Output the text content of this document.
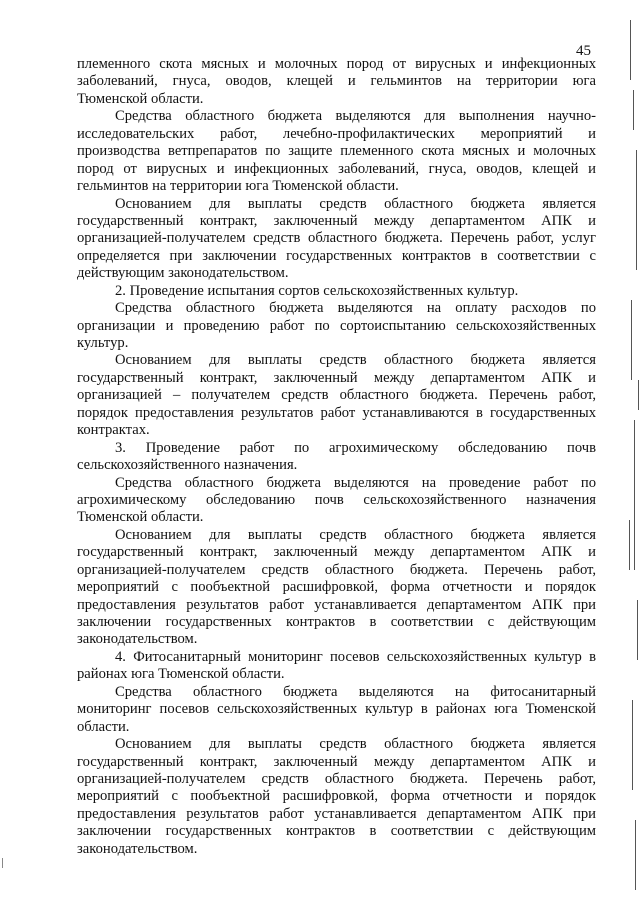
45
племенного скота мясных и молочных пород от вирусных и инфекционных
заболеваний, гнуса, оводов, клещей и гельминтов на территории юга
Тюменской области.
Средства областного бюджета выделяются для выполнения научно-
исследовательских работ, лечебно-профилактических мероприятий и
производства ветпрепаратов по защите племенного скота мясных и молочных
пород от вирусных и инфекционных заболеваний, гнуса, оводов, клещей и
гельминтов на территории юга Тюменской области.
Основанием для выплаты средств областного бюджета является
государственный контракт, заключенный между департаментом АПК и
организацией-получателем средств областного бюджета. Перечень работ, услуг
определяется при заключении государственных контрактов в соответствии с
действующим законодательством.
2. Проведение испытания сортов сельскохозяйственных культур.
Средства областного бюджета выделяются на оплату расходов по
организации и проведению работ по сортоиспытанию сельскохозяйственных
культур.
Основанием для выплаты средств областного бюджета является
государственный контракт, заключенный между департаментом АПК и
организацией – получателем средств областного бюджета. Перечень работ,
порядок предоставления результатов работ устанавливаются в государственных
контрактах.
3. Проведение работ по агрохимическому обследованию почв
сельскохозяйственного назначения.
Средства областного бюджета выделяются на проведение работ по
агрохимическому обследованию почв сельскохозяйственного назначения
Тюменской области.
Основанием для выплаты средств областного бюджета является
государственный контракт, заключенный между департаментом АПК и
организацией-получателем средств областного бюджета. Перечень работ,
мероприятий с пообъектной расшифровкой, форма отчетности и порядок
предоставления результатов работ устанавливается департаментом АПК при
заключении государственных контрактов в соответствии с действующим
законодательством.
4. Фитосанитарный мониторинг посевов сельскохозяйственных культур в
районах юга Тюменской области.
Средства областного бюджета выделяются на фитосанитарный
мониторинг посевов сельскохозяйственных культур в районах юга Тюменской
области.
Основанием для выплаты средств областного бюджета является
государственный контракт, заключенный между департаментом АПК и
организацией-получателем средств областного бюджета. Перечень работ,
мероприятий с пообъектной расшифровкой, форма отчетности и порядок
предоставления результатов работ устанавливается департаментом АПК при
заключении государственных контрактов в соответствии с действующим
законодательством.
